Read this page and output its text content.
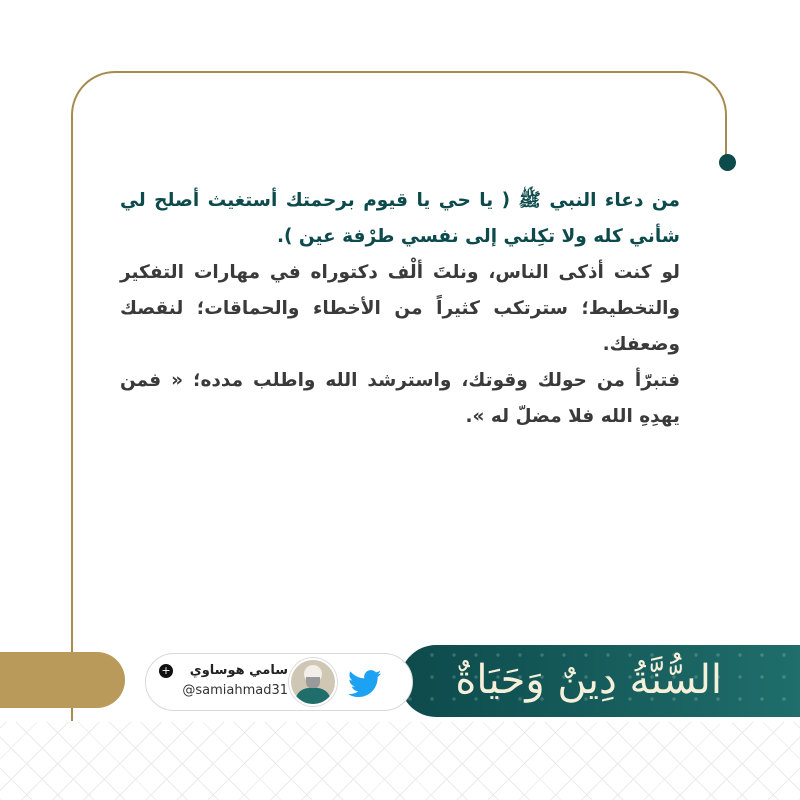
من دعاء النبي ﷺ ( يا حي يا قيوم برحمتك أستغيث أصلح لي شأني كله ولا تكِلني إلى نفسي طرْفة عين ).

لو كنت أذكى الناس، ونلتَ ألْف دكتوراه في مهارات التفكير والتخطيط؛ سترتكب كثيراً من الأخطاء والحماقات؛ لنقصك وضعفك.

فتبرّأ من حولك وقوتك، واسترشد الله واطلب مدده؛ « فمن يهدِهِ الله فلا مضلّ له ».

السُّنَّةُ دِينٌ وَحَيَاةٌ
سامي هوساوي
+
@samiahmad31
